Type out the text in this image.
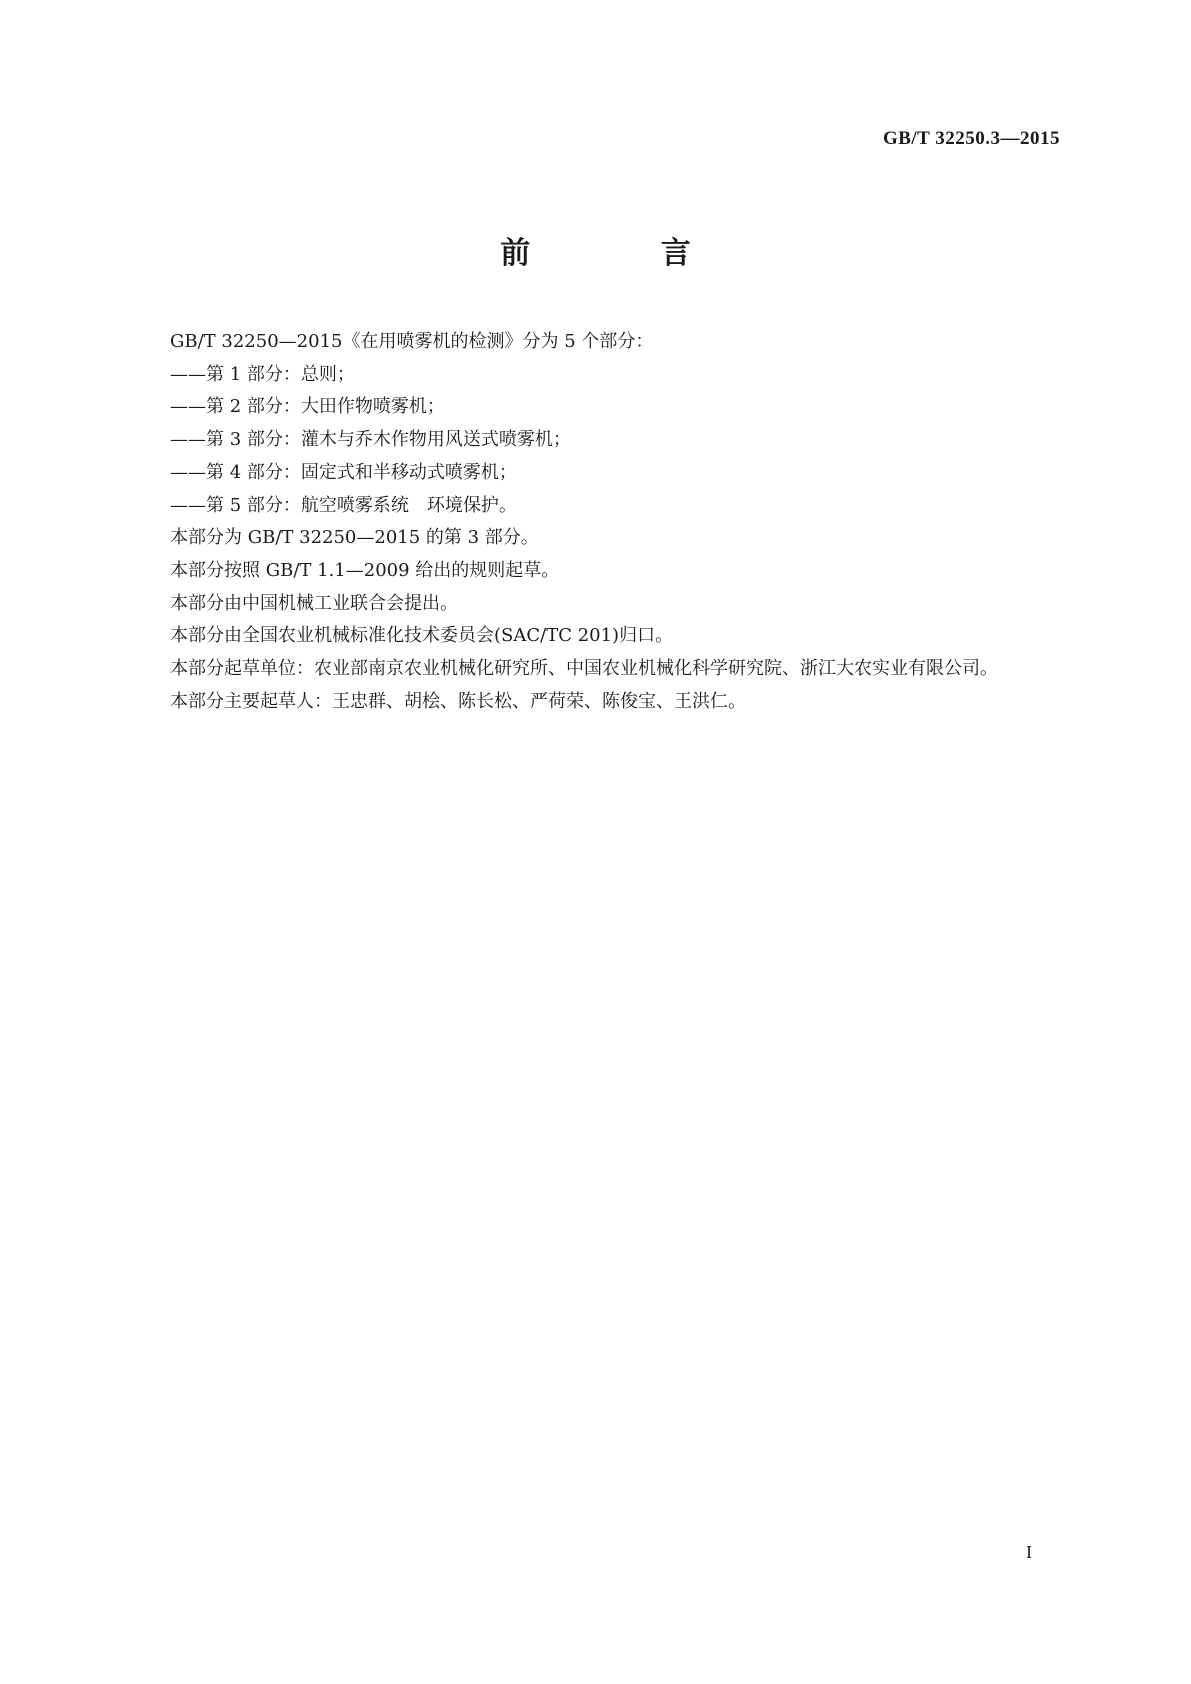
GB/T 32250.3—2015
前 言

GB/T 32250—2015《在用喷雾机的检测》分为 5 个部分：

——第 1 部分：总则；

——第 2 部分：大田作物喷雾机；

——第 3 部分：灌木与乔木作物用风送式喷雾机；

——第 4 部分：固定式和半移动式喷雾机；

——第 5 部分：航空喷雾系统　环境保护。

本部分为 GB/T 32250—2015 的第 3 部分。

本部分按照 GB/T 1.1—2009 给出的规则起草。

本部分由中国机械工业联合会提出。

本部分由全国农业机械标准化技术委员会(SAC/TC 201)归口。

本部分起草单位：农业部南京农业机械化研究所、中国农业机械化科学研究院、浙江大农实业有限公司。

本部分主要起草人：王忠群、胡桧、陈长松、严荷荣、陈俊宝、王洪仁。

I
